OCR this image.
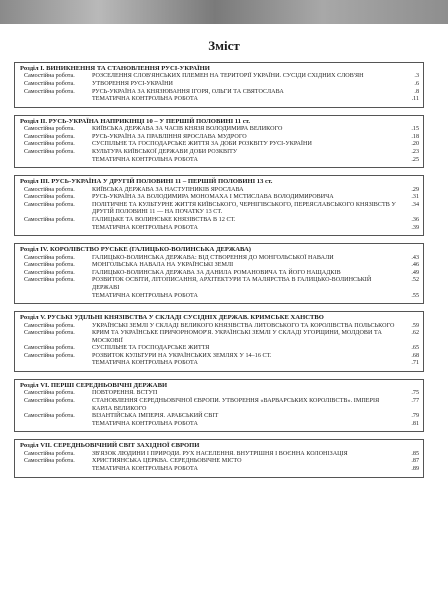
Зміст
Розділ І. ВИНИКНЕННЯ ТА СТАНОВЛЕННЯ РУСІ-УКРАЇНИ
Самостійна робота.	РОЗСЕЛЕННЯ СЛОВ'ЯНСЬКИХ ПЛЕМЕН НА ТЕРИТОРІЇ УКРАЇНИ. СУСІДИ СХІДНИХ СЛОВ'ЯН	.3
Самостійна робота.	УТВОРЕННЯ РУСІ-УКРАЇНИ	.6
Самостійна робота.	РУСЬ-УКРАЇНА ЗА КНЯЗЮВАННЯ ІГОРЯ, ОЛЬГИ ТА СВЯТОСЛАВА	.8
ТЕМАТИЧНА КОНТРОЛЬНА РОБОТА	.11
Розділ ІІ. РУСЬ-УКРАЇНА НАПРИКІНЦІ 10 – У ПЕРШІЙ ПОЛОВИНІ 11 ст.
Самостійна робота.	КИЇВСЬКА ДЕРЖАВА ЗА ЧАСІВ КНЯЗЯ ВОЛОДИМИРА ВЕЛИКОГО	.15
Самостійна робота.	РУСЬ-УКРАЇНА ЗА ПРАВЛІННЯ ЯРОСЛАВА МУДРОГО	.18
Самостійна робота.	СУСПІЛЬНЕ ТА ГОСПОДАРСЬКЕ ЖИТТЯ ЗА ДОБИ РОЗКВІТУ РУСІ-УКРАЇНИ	.20
Самостійна робота.	КУЛЬТУРА КИЇВСЬКОЇ ДЕРЖАВИ ДОБИ РОЗКВІТУ	.23
ТЕМАТИЧНА КОНТРОЛЬНА РОБОТА	.25
Розділ ІІІ. РУСЬ-УКРАЇНА У ДРУГІЙ ПОЛОВИНІ 11 – ПЕРШІЙ ПОЛОВИНІ 13 ст.
Самостійна робота.	КИЇВСЬКА ДЕРЖАВА ЗА НАСТУПНИКІВ ЯРОСЛАВА	.29
Самостійна робота.	РУСЬ-УКРАЇНА ЗА ВОЛОДИМИРА МОНОМАХА І МСТИСЛАВА ВОЛОДИМИРОВИЧА	.31
Самостійна робота.	ПОЛІТИЧНЕ ТА КУЛЬТУРНЕ ЖИТТЯ КИЇВСЬКОГО, ЧЕРНІГІВСЬКОГО, ПЕРЕЯСЛАВСЬКОГО КНЯЗІВСТВ У ДРУГІЙ ПОЛОВИНІ 11 — НА ПОЧАТКУ 13 СТ.
.34
Самостійна робота.	ГАЛИЦЬКЕ ТА ВОЛИНСЬКЕ КНЯЗІВСТВА В 12 СТ.	.36
ТЕМАТИЧНА КОНТРОЛЬНА РОБОТА	.39
Розділ IV. КОРОЛІВСТВО РУСЬКЕ (ГАЛИЦЬКО-ВОЛИНСЬКА ДЕРЖАВА)
Самостійна робота.	ГАЛИЦЬКО-ВОЛИНСЬКА ДЕРЖАВА: ВІД СТВОРЕННЯ ДО МОНГОЛЬСЬКОЇ НАВАЛИ	.43
Самостійна робота.	МОНГОЛЬСЬКА НАВАЛА НА УКРАЇНСЬКІ ЗЕМЛІ	.46
Самостійна робота.	ГАЛИЦЬКО-ВОЛИНСЬКА ДЕРЖАВА ЗА ДАНИЛА РОМАНОВИЧА ТА ЙОГО НАЩАДКІВ	.49
Самостійна робота.	РОЗВИТОК ОСВІТИ, ЛІТОПИСАННЯ, АРХІТЕКТУРИ ТА МАЛЯРСТВА В ГАЛИЦЬКО-ВОЛИНСЬКІЙ ДЕРЖАВІ
.52
ТЕМАТИЧНА КОНТРОЛЬНА РОБОТА	.55
Розділ V. РУСЬКІ УДІЛЬНІ КНЯЗІВСТВА У СКЛАДІ СУСІДНІХ ДЕРЖАВ. КРИМСЬКЕ ХАНСТВО
Самостійна робота.	УКРАЇНСЬКІ ЗЕМЛІ У СКЛАДІ ВЕЛИКОГО КНЯЗІВСТВА ЛИТОВСЬКОГО ТА КОРОЛІВСТВА ПОЛЬСЬКОГО	.59
Самостійна робота.	КРИМ ТА УКРАЇНСЬКЕ ПРИЧОРНОМОР'Я. УКРАЇНСЬКІ ЗЕМЛІ У СКЛАДІ УГОРЩИНИ, МОЛДОВИ ТА МОСКОВІЇ
.62
Самостійна робота.	СУСПІЛЬНЕ ТА ГОСПОДАРСЬКЕ ЖИТТЯ	.65
Самостійна робота.	РОЗВИТОК КУЛЬТУРИ НА УКРАЇНСЬКИХ ЗЕМЛЯХ У 14–16 СТ.	.68
ТЕМАТИЧНА КОНТРОЛЬНА РОБОТА	.71
Розділ VI. ПЕРШІ СЕРЕДНЬОВІЧНІ ДЕРЖАВИ
Самостійна робота.	ПОВТОРЕННЯ. ВСТУП	.75
Самостійна робота.	СТАНОВЛЕННЯ СЕРЕДНЬОВІЧНОЇ ЄВРОПИ. УТВОРЕННЯ «ВАРВАРСЬКИХ КОРОЛІВСТВ». ІМПЕРІЯ КАРЛА ВЕЛИКОГО
.77
Самостійна робота.	ВІЗАНТІЙСЬКА ІМПЕРІЯ. АРАБСЬКИЙ СВІТ	.79
ТЕМАТИЧНА КОНТРОЛЬНА РОБОТА	.81
Розділ VII. СЕРЕДНЬОВІЧНИЙ СВІТ ЗАХІДНОЇ ЄВРОПИ
Самостійна робота.	ЗВ'ЯЗОК ЛЮДИНИ І ПРИРОДИ. РУХ НАСЕЛЕННЯ. ВНУТРІШНЯ І ВОЄННА КОЛОНІЗАЦІЯ	.85
Самостійна робота.	ХРИСТИЯНСЬКА ЦЕРКВА. СЕРЕДНЬОВІЧНЕ МІСТО	.87
ТЕМАТИЧНА КОНТРОЛЬНА РОБОТА	.89
